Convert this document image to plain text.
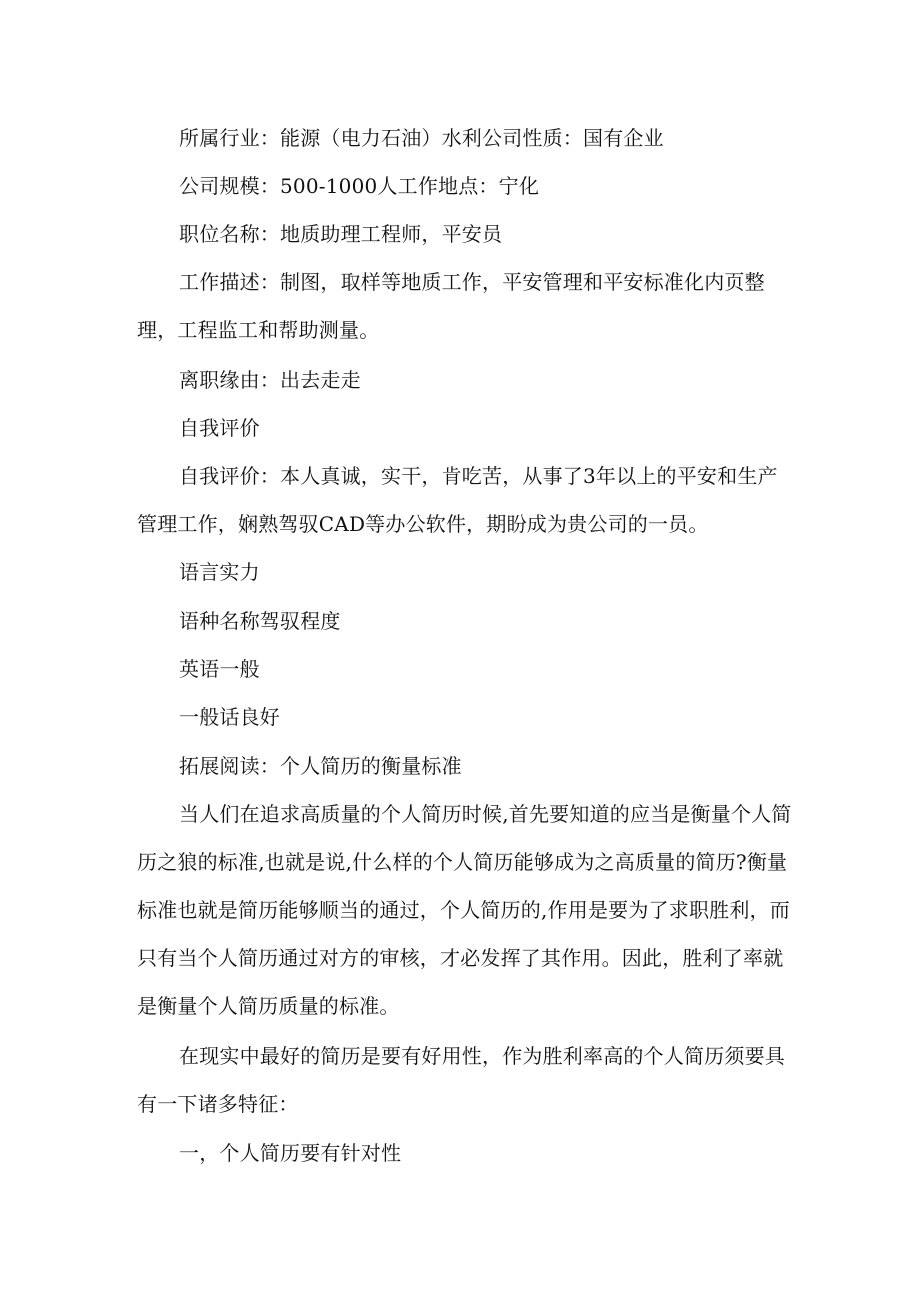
所属行业：能源（电力石油）水利公司性质：国有企业

公司规模：500-1000人工作地点：宁化

职位名称：地质助理工程师，平安员

工作描述：制图，取样等地质工作，平安管理和平安标准化内页整理，工程监工和帮助测量。

离职缘由：出去走走

自我评价

自我评价：本人真诚，实干，肯吃苦，从事了3年以上的平安和生产管理工作，娴熟驾驭CAD等办公软件，期盼成为贵公司的一员。

语言实力

语种名称驾驭程度

英语一般

一般话良好

拓展阅读：个人简历的衡量标准

当人们在追求高质量的个人简历时候,首先要知道的应当是衡量个人简历之狼的标准,也就是说,什么样的个人简历能够成为之高质量的简历?衡量标准也就是简历能够顺当的通过，个人简历的,作用是要为了求职胜利，而只有当个人简历通过对方的审核，才必发挥了其作用。因此，胜利了率就是衡量个人简历质量的标准。

在现实中最好的简历是要有好用性，作为胜利率高的个人简历须要具有一下诸多特征：

一，个人简历要有针对性
